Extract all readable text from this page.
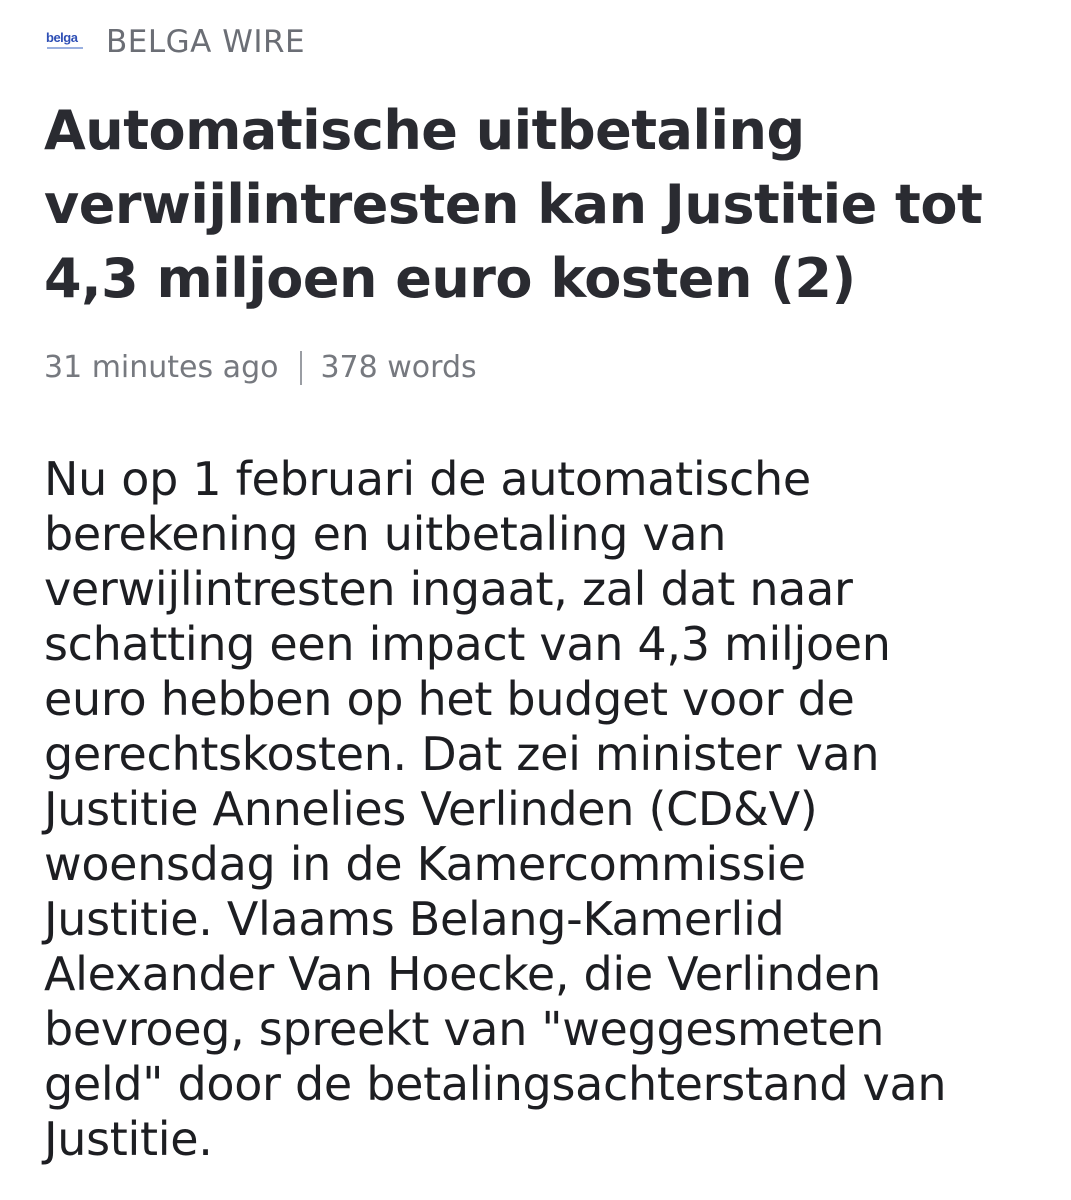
belga BELGA WIRE
Automatische uitbetaling
verwijlintresten kan Justitie tot
4,3 miljoen euro kosten (2)
31 minutes ago 378 words

Nu op 1 februari de automatische
berekening en uitbetaling van
verwijlintresten ingaat, zal dat naar
schatting een impact van 4,3 miljoen
euro hebben op het budget voor de
gerechtskosten. Dat zei minister van
Justitie Annelies Verlinden (CD&V)
woensdag in de Kamercommissie
Justitie. Vlaams Belang-Kamerlid
Alexander Van Hoecke, die Verlinden
bevroeg, spreekt van "weggesmeten
geld" door de betalingsachterstand van
Justitie.
